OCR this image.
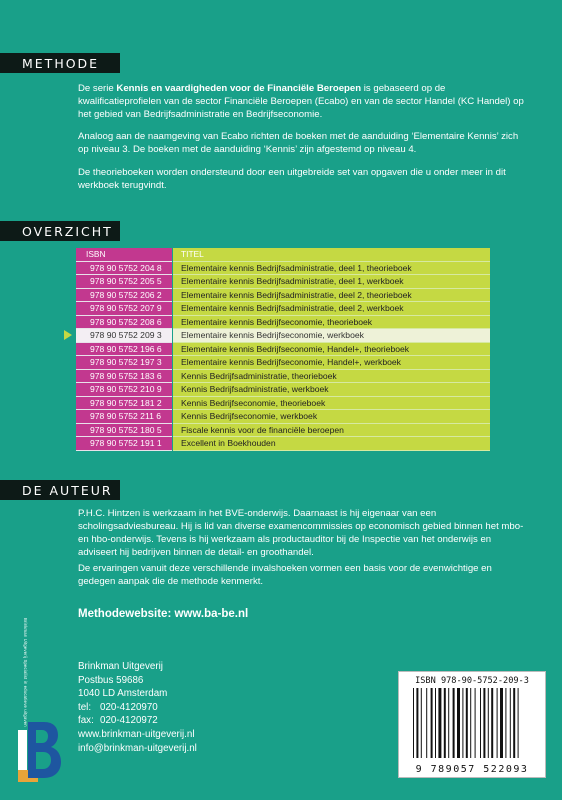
METHODE

De serie Kennis en vaardigheden voor de Financiële Beroepen is gebaseerd op de kwalificatieprofielen van de sector Financiële Beroepen (Ecabo) en van de sector Handel (KC Handel) op het gebied van Bedrijfsadministratie en Bedrijfseconomie.

Analoog aan de naamgeving van Ecabo richten de boeken met de aanduiding ‘Elementaire Kennis’ zich op niveau 3. De boeken met de aanduiding ‘Kennis’ zijn afgestemd op niveau 4.

De theorieboeken worden ondersteund door een uitgebreide set van opgaven die u onder meer in dit werkboek terugvindt.

OVERZICHT
ISBN	TITEL
978 90 5752 204 8	Elementaire kennis Bedrijfsadministratie, deel 1, theorieboek
978 90 5752 205 5	Elementaire kennis Bedrijfsadministratie, deel 1, werkboek
978 90 5752 206 2	Elementaire kennis Bedrijfsadministratie, deel 2, theorieboek
978 90 5752 207 9	Elementaire kennis Bedrijfsadministratie, deel 2, werkboek
978 90 5752 208 6	Elementaire kennis Bedrijfseconomie, theorieboek
978 90 5752 209 3	Elementaire kennis Bedrijfseconomie, werkboek
978 90 5752 196 6	Elementaire kennis Bedrijfseconomie, Handel+, theorieboek
978 90 5752 197 3	Elementaire kennis Bedrijfseconomie, Handel+, werkboek
978 90 5752 183 6	Kennis Bedrijfsadministratie, theorieboek
978 90 5752 210 9	Kennis Bedrijfsadministratie, werkboek
978 90 5752 181 2	Kennis Bedrijfseconomie, theorieboek
978 90 5752 211 6	Kennis Bedrijfseconomie, werkboek
978 90 5752 180 5	Fiscale kennis voor de financiële beroepen
978 90 5752 191 1	Excellent in Boekhouden
DE AUTEUR

P.H.C. Hintzen is werkzaam in het BVE-onderwijs. Daarnaast is hij eigenaar van een scholingsadviesbureau. Hij is lid van diverse examencommissies op economisch gebied binnen het mbo- en hbo-onderwijs. Tevens is hij werkzaam als productauditor bij de Inspectie van het onderwijs en adviseert hij bedrijven binnen de detail- en groothandel.

De ervaringen vanuit deze verschillende invalshoeken vormen een basis voor de evenwichtige en gedegen aanpak die de methode kenmerkt.

Methodewebsite: www.ba-be.nl
Brinkman Uitgeverij
Postbus 59686
1040 LD Amsterdam
tel: 020-4120970
fax: 020-4120972
www.brinkman-uitgeverij.nl
info@brinkman-uitgeverij.nl
Brinkman Uitgeverij Specialist in educatieve uitgaven	ISBN 978-90-5752-209-3
9 789057 522093
